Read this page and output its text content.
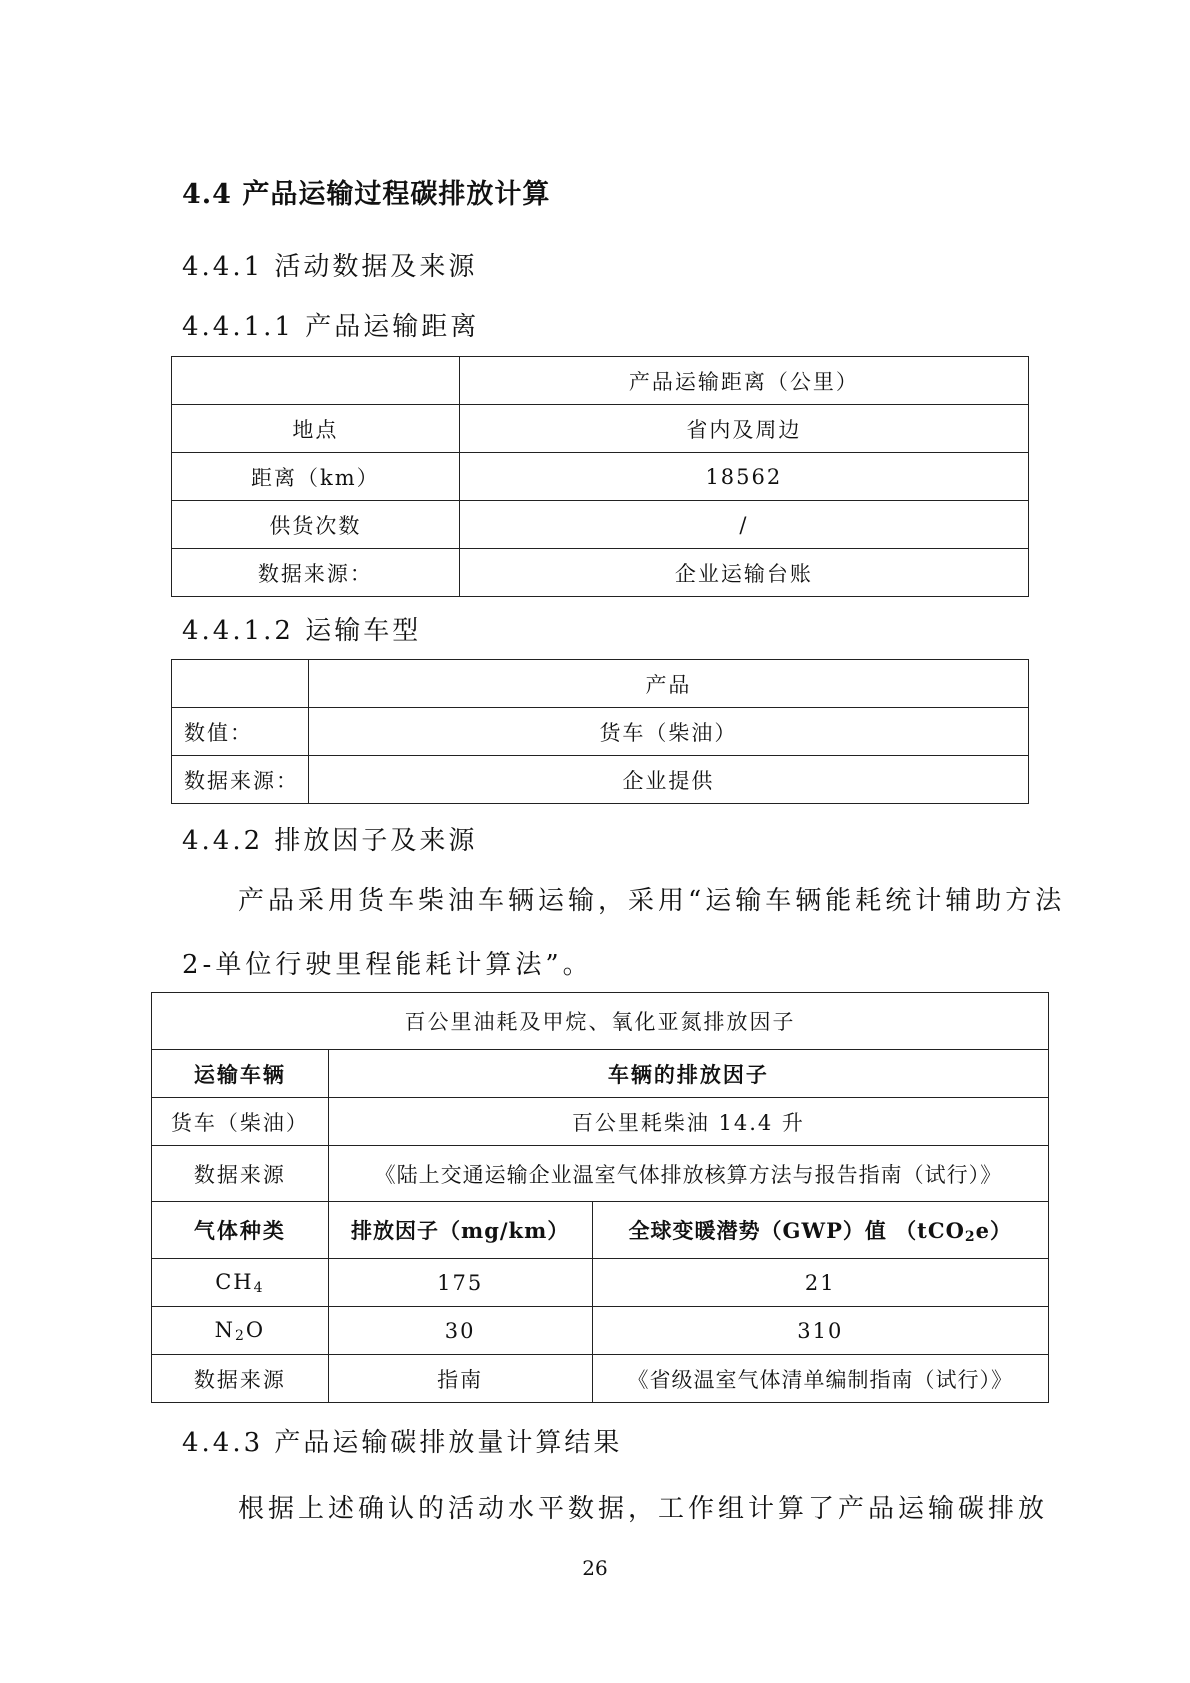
4.4 产品运输过程碳排放计算
4.4.1 活动数据及来源
4.4.1.1 产品运输距离
	产品运输距离（公里）
地点	省内及周边
距离（km）	18562
供货次数	/
数据来源：	企业运输台账
4.4.1.2 运输车型
	产品
数值：	货车（柴油）
数据来源：	企业提供
4.4.2 排放因子及来源
产品采用货车柴油车辆运输，采用“运输车辆能耗统计辅助方法
2-单位行驶里程能耗计算法”。
百公里油耗及甲烷、氧化亚氮排放因子		
运输车辆	车辆的排放因子	
货车（柴油）	百公里耗柴油 14.4 升	
数据来源	《陆上交通运输企业温室气体排放核算方法与报告指南（试行）》	
气体种类	排放因子（mg/km）	全球变暖潜势（GWP）值 （tCO$_2$e）
$CH_4$	175	21
$N_2O$	30	310
数据来源	指南	《省级温室气体清单编制指南（试行）》
4.4.3 产品运输碳排放量计算结果
根据上述确认的活动水平数据，工作组计算了产品运输碳排放
26
